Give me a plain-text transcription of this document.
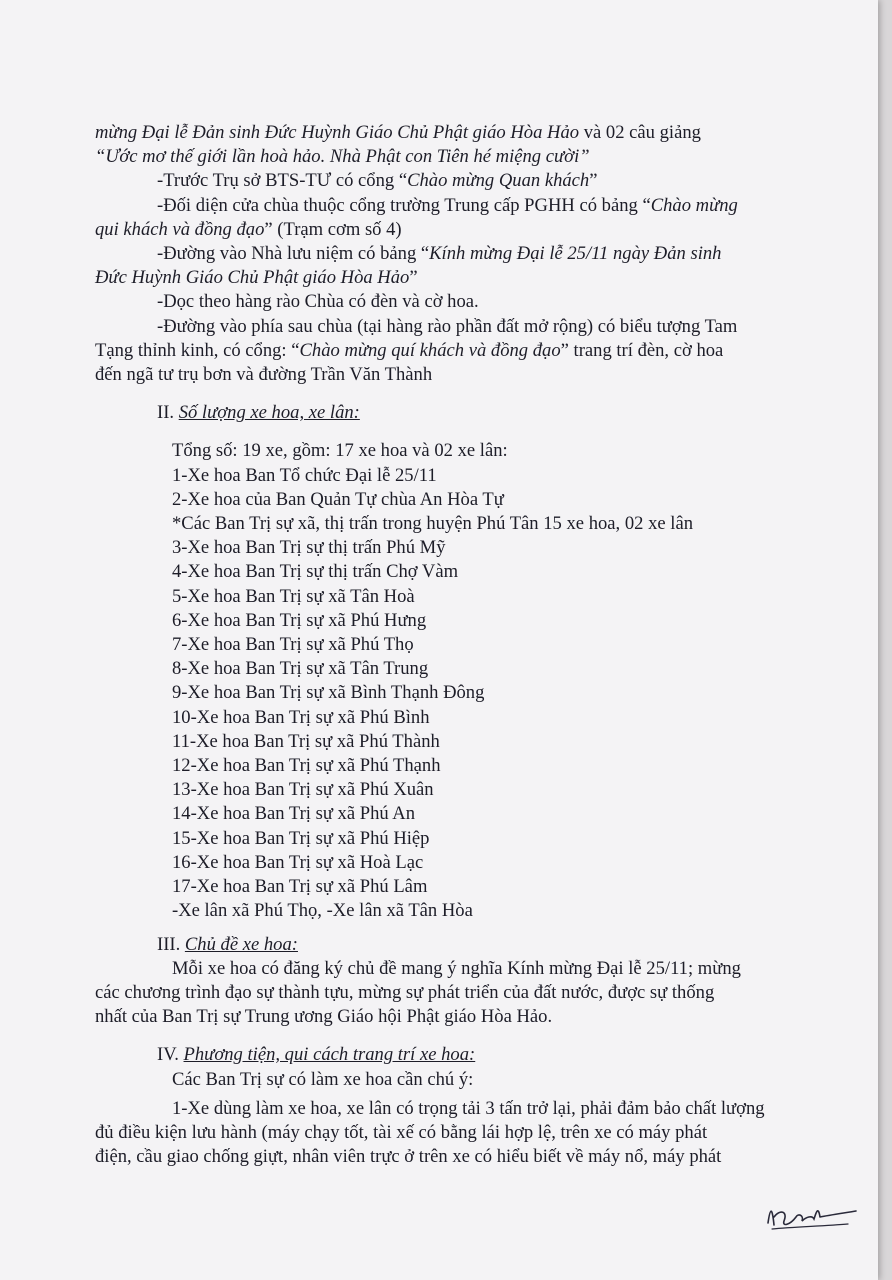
mừng Đại lễ Đản sinh Đức Huỳnh Giáo Chủ Phật giáo Hòa Hảo và 02 câu giảng
“Ước mơ thế giới lần hoà hảo. Nhà Phật con Tiên hé miệng cười”
-Trước Trụ sở BTS-TƯ có cổng “Chào mừng Quan khách”
-Đối diện cửa chùa thuộc cổng trường Trung cấp PGHH có bảng “Chào mừng
qui khách và đồng đạo” (Trạm cơm số 4)
-Đường vào Nhà lưu niệm có bảng “Kính mừng Đại lễ 25/11 ngày Đản sinh
Đức Huỳnh Giáo Chủ Phật giáo Hòa Hảo”
-Dọc theo hàng rào Chùa có đèn và cờ hoa.
-Đường vào phía sau chùa (tại hàng rào phần đất mở rộng) có biểu tượng Tam
Tạng thỉnh kinh, có cổng: “Chào mừng quí khách và đồng đạo” trang trí đèn, cờ hoa
đến ngã tư trụ bơn và đường Trần Văn Thành
II. Số lượng xe hoa, xe lân:
Tổng số: 19 xe, gồm: 17 xe hoa và 02 xe lân:
1-Xe hoa Ban Tổ chức Đại lễ 25/11
2-Xe hoa của Ban Quản Tự chùa An Hòa Tự
*Các Ban Trị sự xã, thị trấn trong huyện Phú Tân 15 xe hoa, 02 xe lân
3-Xe hoa Ban Trị sự thị trấn Phú Mỹ
4-Xe hoa Ban Trị sự thị trấn Chợ Vàm
5-Xe hoa Ban Trị sự xã Tân Hoà
6-Xe hoa Ban Trị sự xã Phú Hưng
7-Xe hoa Ban Trị sự xã Phú Thọ
8-Xe hoa Ban Trị sự xã Tân Trung
9-Xe hoa Ban Trị sự xã Bình Thạnh Đông
10-Xe hoa Ban Trị sự xã Phú Bình
11-Xe hoa Ban Trị sự xã Phú Thành
12-Xe hoa Ban Trị sự xã Phú Thạnh
13-Xe hoa Ban Trị sự xã Phú Xuân
14-Xe hoa Ban Trị sự xã Phú An
15-Xe hoa Ban Trị sự xã Phú Hiệp
16-Xe hoa Ban Trị sự xã Hoà Lạc
17-Xe hoa Ban Trị sự xã Phú Lâm
-Xe lân xã Phú Thọ, -Xe lân xã Tân Hòa
III. Chủ đề xe hoa:
Mỗi xe hoa có đăng ký chủ đề mang ý nghĩa Kính mừng Đại lễ 25/11; mừng
các chương trình đạo sự thành tựu, mừng sự phát triển của đất nước, được sự thống
nhất của Ban Trị sự Trung ương Giáo hội Phật giáo Hòa Hảo.
IV. Phương tiện, qui cách trang trí xe hoa:
Các Ban Trị sự có làm xe hoa cần chú ý:
1-Xe dùng làm xe hoa, xe lân có trọng tải 3 tấn trở lại, phải đảm bảo chất lượng
đủ điều kiện lưu hành (máy chạy tốt, tài xế có bằng lái hợp lệ, trên xe có máy phát
điện, cầu giao chống giựt, nhân viên trực ở trên xe có hiểu biết về máy nổ, máy phát
